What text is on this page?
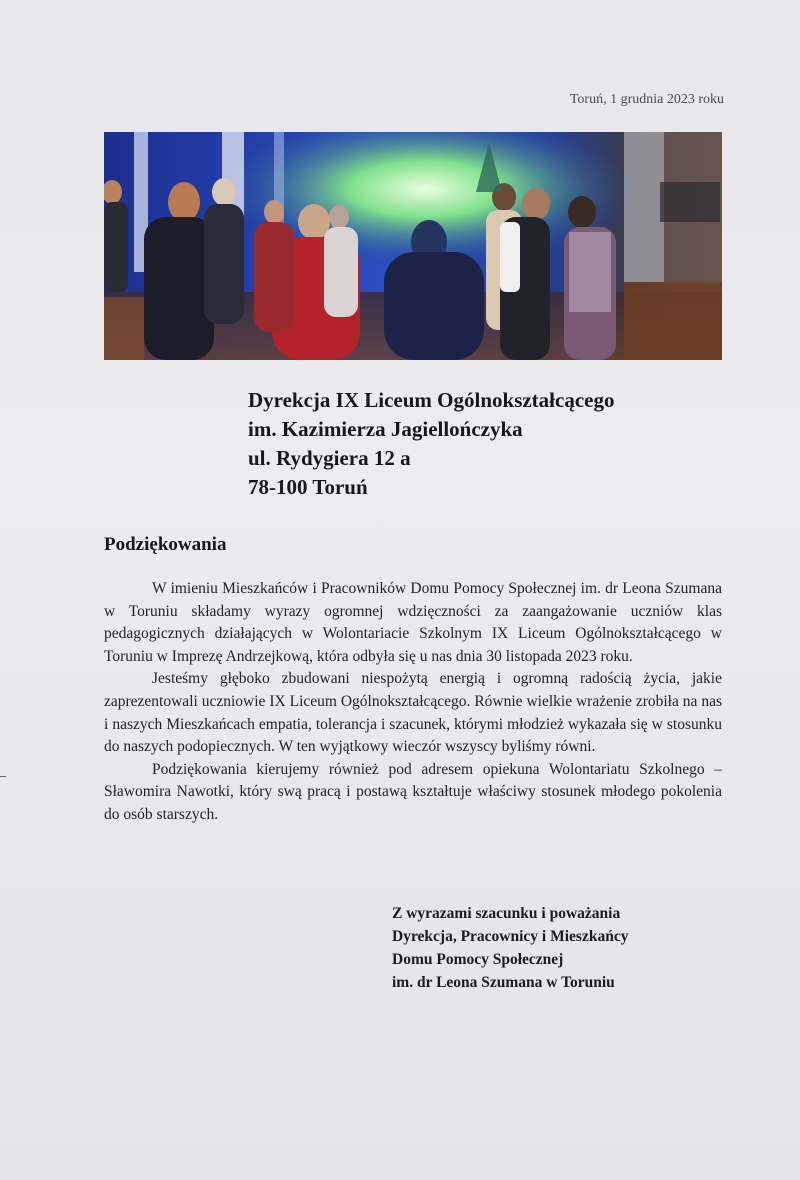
Toruń, 1 grudnia 2023 roku
Dyrekcja IX Liceum Ogólnokształcącego
im. Kazimierza Jagiellończyka
ul. Rydygiera 12 a
78-100 Toruń
Podziękowania

W imieniu Mieszkańców i Pracowników Domu Pomocy Społecznej im. dr Leona Szumana w Toruniu składamy wyrazy ogromnej wdzięczności za zaangażowanie uczniów klas pedagogicznych działających w Wolontariacie Szkolnym IX Liceum Ogólnokształcącego w Toruniu w Imprezę Andrzejkową, która odbyła się u nas dnia 30 listopada 2023 roku.

Jesteśmy głęboko zbudowani niespożytą energią i ogromną radością życia, jakie zaprezentowali uczniowie IX Liceum Ogólnokształcącego. Równie wielkie wrażenie zrobiła na nas i naszych Mieszkańcach empatia, tolerancja i szacunek, którymi młodzież wykazała się w stosunku do naszych podopiecznych. W ten wyjątkowy wieczór wszyscy byliśmy równi.

Podziękowania kierujemy również pod adresem opiekuna Wolontariatu Szkolnego – Sławomira Nawotki, który swą pracą i postawą kształtuje właściwy stosunek młodego pokolenia do osób starszych.

Z wyrazami szacunku i poważania
Dyrekcja, Pracownicy i Mieszkańcy
Domu Pomocy Społecznej
im. dr Leona Szumana w Toruniu
